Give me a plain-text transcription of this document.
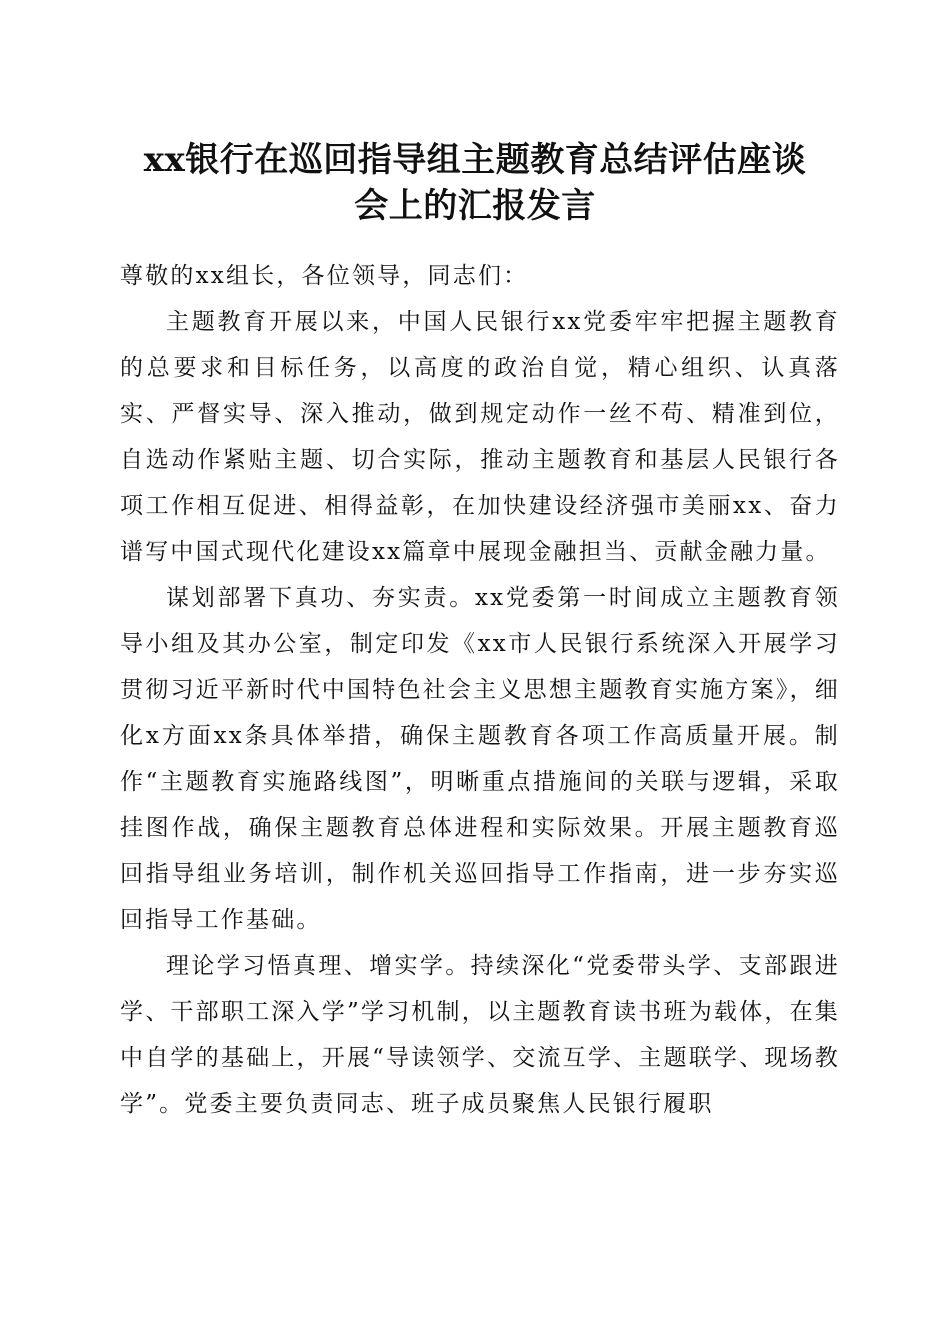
xx银行在巡回指导组主题教育总结评估座谈
会上的汇报发言

尊敬的xx组长，各位领导，同志们：

主题教育开展以来，中国人民银行xx党委牢牢把握主题教育的总要求和目标任务，以高度的政治自觉，精心组织、认真落实、严督实导、深入推动，做到规定动作一丝不苟、精准到位，自选动作紧贴主题、切合实际，推动主题教育和基层人民银行各项工作相互促进、相得益彰，在加快建设经济强市美丽xx、奋力谱写中国式现代化建设xx篇章中展现金融担当、贡献金融力量。

谋划部署下真功、夯实责。xx党委第一时间成立主题教育领导小组及其办公室，制定印发《xx市人民银行系统深入开展学习贯彻习近平新时代中国特色社会主义思想主题教育实施方案》，细化x方面xx条具体举措，确保主题教育各项工作高质量开展。制作“主题教育实施路线图”，明晰重点措施间的关联与逻辑，采取挂图作战，确保主题教育总体进程和实际效果。开展主题教育巡回指导组业务培训，制作机关巡回指导工作指南，进一步夯实巡回指导工作基础。

理论学习悟真理、增实学。持续深化“党委带头学、支部跟进学、干部职工深入学”学习机制，以主题教育读书班为载体，在集中自学的基础上，开展“导读领学、交流互学、主题联学、现场教学”。党委主要负责同志、班子成员聚焦人民银行履职
